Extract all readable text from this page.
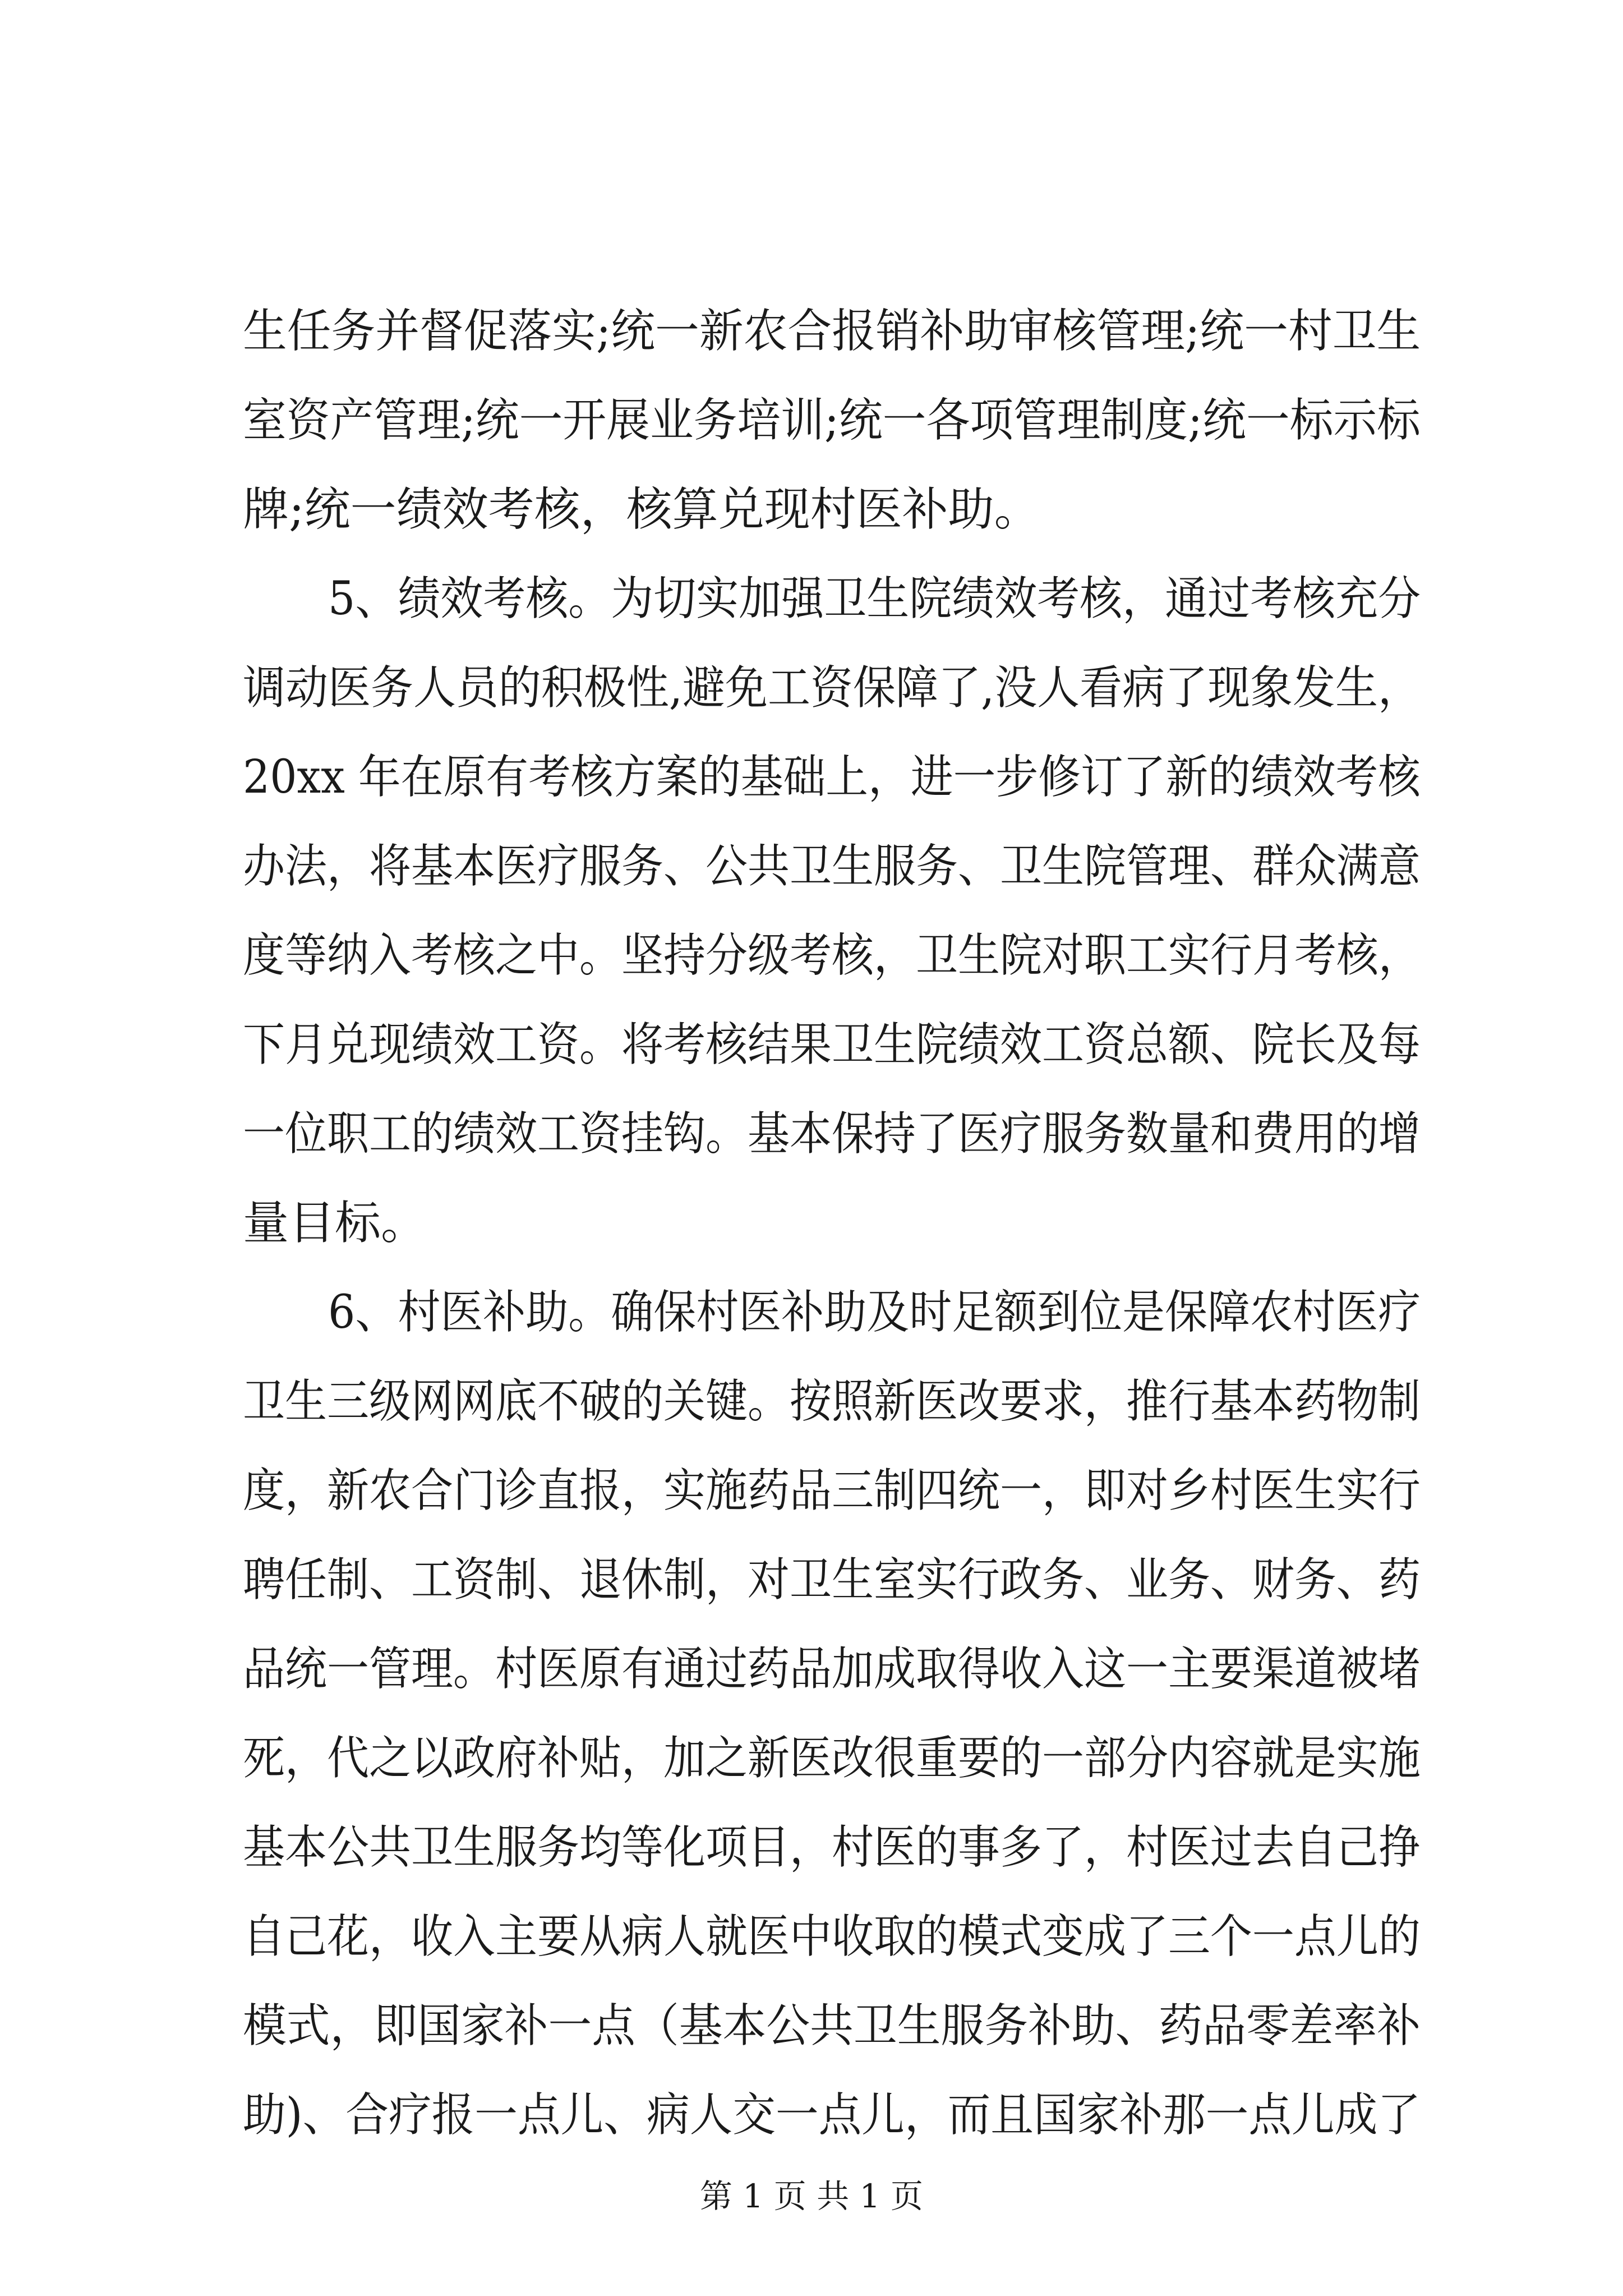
生任务并督促落实;统一新农合报销补助审核管理;统一村卫生
室资产管理;统一开展业务培训;统一各项管理制度;统一标示标
牌;统一绩效考核，核算兑现村医补助。
　　5、绩效考核。为切实加强卫生院绩效考核，通过考核充分
调动医务人员的积极性,避免工资保障了,没人看病了现象发生，
20xx 年在原有考核方案的基础上，进一步修订了新的绩效考核
办法，将基本医疗服务、公共卫生服务、卫生院管理、群众满意
度等纳入考核之中。坚持分级考核，卫生院对职工实行月考核，
下月兑现绩效工资。将考核结果卫生院绩效工资总额、院长及每
一位职工的绩效工资挂钩。基本保持了医疗服务数量和费用的增
量目标。
　　6、村医补助。确保村医补助及时足额到位是保障农村医疗
卫生三级网网底不破的关键。按照新医改要求，推行基本药物制
度，新农合门诊直报，实施药品三制四统一，即对乡村医生实行
聘任制、工资制、退休制，对卫生室实行政务、业务、财务、药
品统一管理。村医原有通过药品加成取得收入这一主要渠道被堵
死，代之以政府补贴，加之新医改很重要的一部分内容就是实施
基本公共卫生服务均等化项目，村医的事多了，村医过去自己挣
自己花，收入主要从病人就医中收取的模式变成了三个一点儿的
模式，即国家补一点（基本公共卫生服务补助、药品零差率补
助)、合疗报一点儿、病人交一点儿，而且国家补那一点儿成了
第 1 页 共 1 页
